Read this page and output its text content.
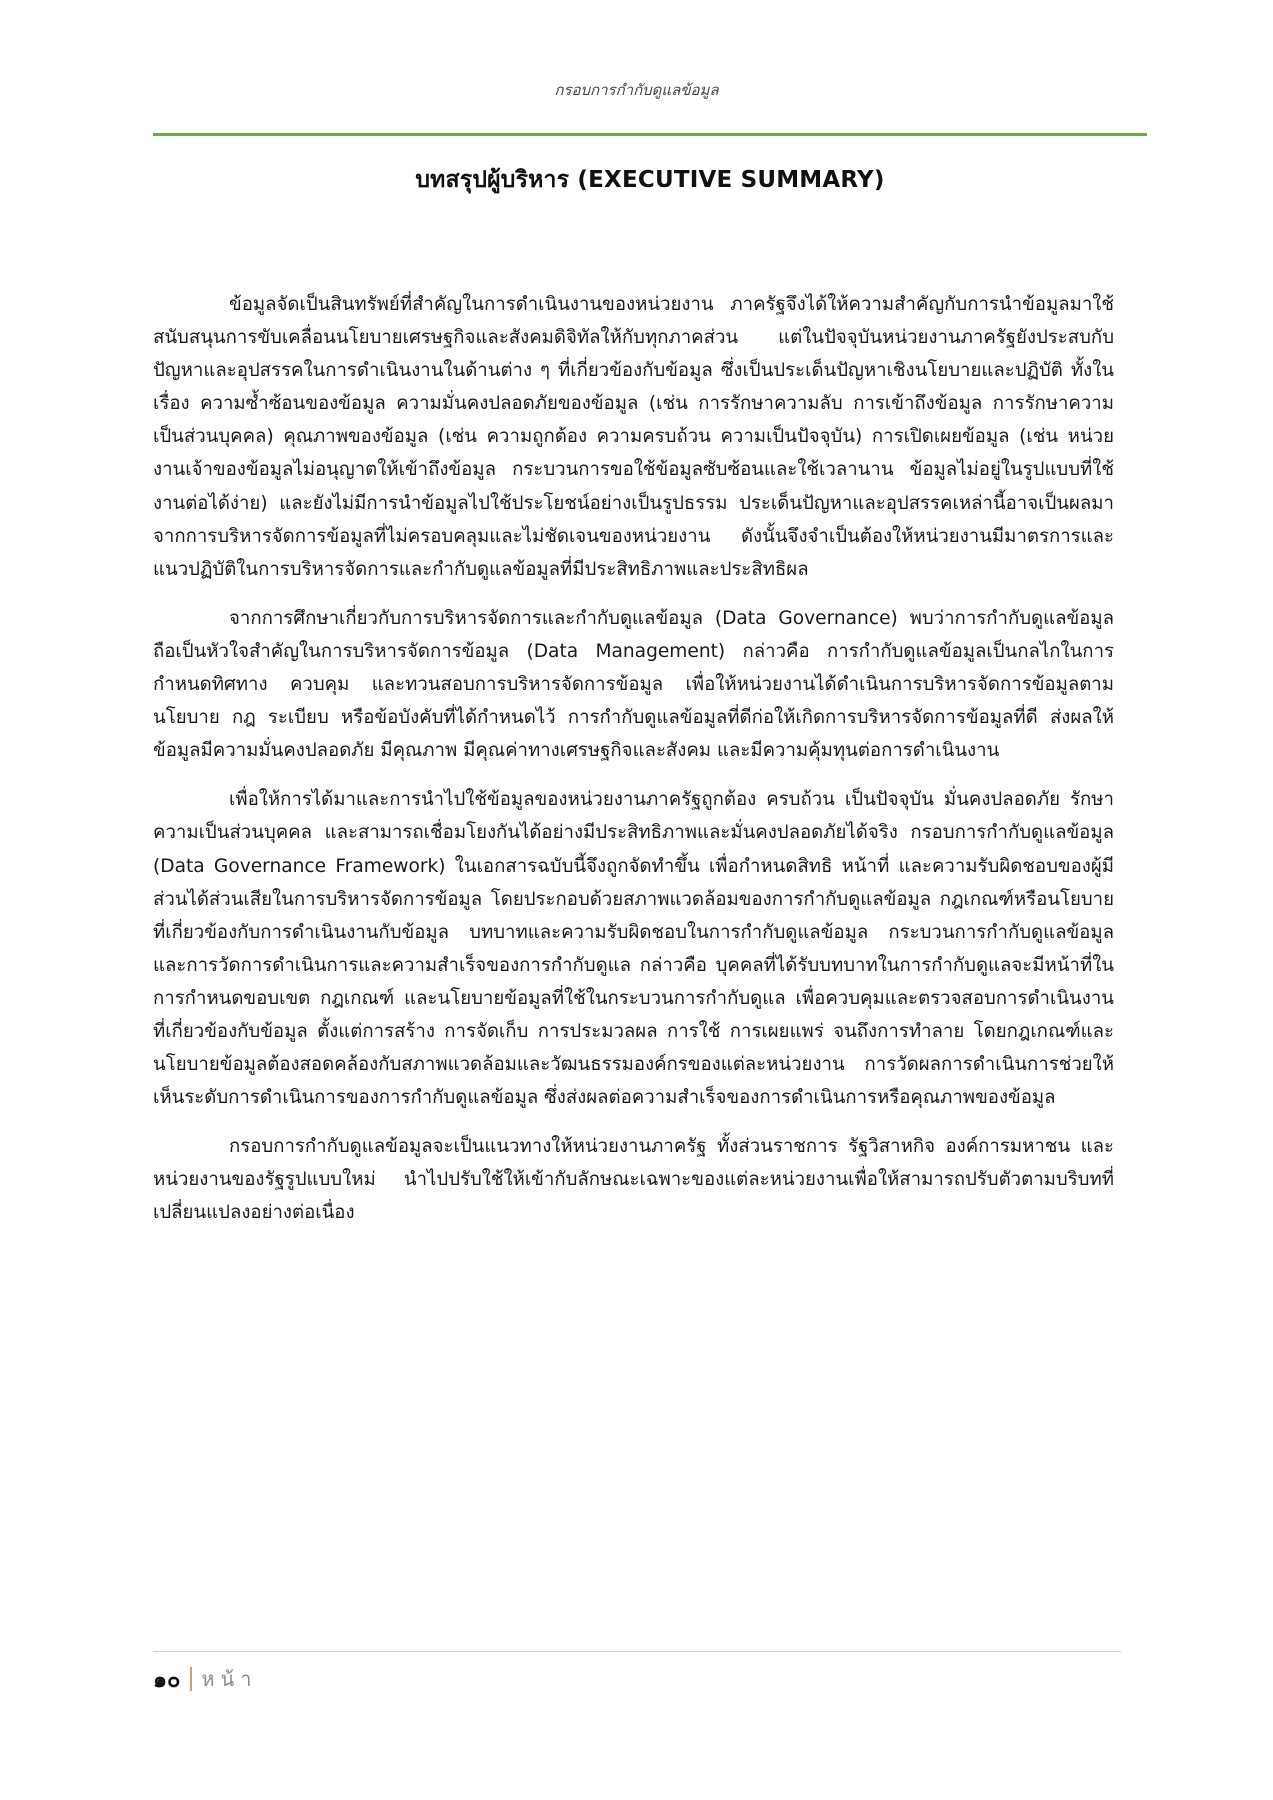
กรอบการกำกับดูแลข้อมูล
บทสรุปผู้บริหาร (EXECUTIVE SUMMARY)

ข้อมูลจัดเป็นสินทรัพย์ที่สำคัญในการดำเนินงานของหน่วยงาน ภาครัฐจึงได้ให้ความสำคัญกับการนำข้อมูลมาใช้สนับสนุนการขับเคลื่อนนโยบายเศรษฐกิจและสังคมดิจิทัลให้กับทุกภาคส่วน แต่ในปัจจุบันหน่วยงานภาครัฐยังประสบกับปัญหาและอุปสรรคในการดำเนินงานในด้านต่าง ๆ ที่เกี่ยวข้องกับข้อมูล ซึ่งเป็นประเด็นปัญหาเชิงนโยบายและปฏิบัติ ทั้งในเรื่อง ความซ้ำซ้อนของข้อมูล ความมั่นคงปลอดภัยของข้อมูล (เช่น การรักษาความลับ การเข้าถึงข้อมูล การรักษาความเป็นส่วนบุคคล) คุณภาพของข้อมูล (เช่น ความถูกต้อง ความครบถ้วน ความเป็นปัจจุบัน) การเปิดเผยข้อมูล (เช่น หน่วยงานเจ้าของข้อมูลไม่อนุญาตให้เข้าถึงข้อมูล กระบวนการขอใช้ข้อมูลซับซ้อนและใช้เวลานาน ข้อมูลไม่อยู่ในรูปแบบที่ใช้งานต่อได้ง่าย) และยังไม่มีการนำข้อมูลไปใช้ประโยชน์อย่างเป็นรูปธรรม ประเด็นปัญหาและอุปสรรคเหล่านี้อาจเป็นผลมาจากการบริหารจัดการข้อมูลที่ไม่ครอบคลุมและไม่ชัดเจนของหน่วยงาน ดังนั้นจึงจำเป็นต้องให้หน่วยงานมีมาตรการและแนวปฏิบัติในการบริหารจัดการและกำกับดูแลข้อมูลที่มีประสิทธิภาพและประสิทธิผล

จากการศึกษาเกี่ยวกับการบริหารจัดการและกำกับดูแลข้อมูล (Data Governance) พบว่าการกำกับดูแลข้อมูลถือเป็นหัวใจสำคัญในการบริหารจัดการข้อมูล (Data Management) กล่าวคือ การกำกับดูแลข้อมูลเป็นกลไกในการกำหนดทิศทาง ควบคุม และทวนสอบการบริหารจัดการข้อมูล เพื่อให้หน่วยงานได้ดำเนินการบริหารจัดการข้อมูลตามนโยบาย กฎ ระเบียบ หรือข้อบังคับที่ได้กำหนดไว้ การกำกับดูแลข้อมูลที่ดีก่อให้เกิดการบริหารจัดการข้อมูลที่ดี ส่งผลให้ข้อมูลมีความมั่นคงปลอดภัย มีคุณภาพ มีคุณค่าทางเศรษฐกิจและสังคม และมีความคุ้มทุนต่อการดำเนินงาน

เพื่อให้การได้มาและการนำไปใช้ข้อมูลของหน่วยงานภาครัฐถูกต้อง ครบถ้วน เป็นปัจจุบัน มั่นคงปลอดภัย รักษาความเป็นส่วนบุคคล และสามารถเชื่อมโยงกันได้อย่างมีประสิทธิภาพและมั่นคงปลอดภัยได้จริง กรอบการกำกับดูแลข้อมูล (Data Governance Framework) ในเอกสารฉบับนี้จึงถูกจัดทำขึ้น เพื่อกำหนดสิทธิ หน้าที่ และความรับผิดชอบของผู้มีส่วนได้ส่วนเสียในการบริหารจัดการข้อมูล โดยประกอบด้วยสภาพแวดล้อมของการกำกับดูแลข้อมูล กฎเกณฑ์หรือนโยบายที่เกี่ยวข้องกับการดำเนินงานกับข้อมูล บทบาทและความรับผิดชอบในการกำกับดูแลข้อมูล กระบวนการกำกับดูแลข้อมูล และการวัดการดำเนินการและความสำเร็จของการกำกับดูแล กล่าวคือ บุคคลที่ได้รับบทบาทในการกำกับดูแลจะมีหน้าที่ในการกำหนดขอบเขต กฎเกณฑ์ และนโยบายข้อมูลที่ใช้ในกระบวนการกำกับดูแล เพื่อควบคุมและตรวจสอบการดำเนินงานที่เกี่ยวข้องกับข้อมูล ตั้งแต่การสร้าง การจัดเก็บ การประมวลผล การใช้ การเผยแพร่ จนถึงการทำลาย โดยกฎเกณฑ์และนโยบายข้อมูลต้องสอดคล้องกับสภาพแวดล้อมและวัฒนธรรมองค์กรของแต่ละหน่วยงาน การวัดผลการดำเนินการช่วยให้เห็นระดับการดำเนินการของการกำกับดูแลข้อมูล ซึ่งส่งผลต่อความสำเร็จของการดำเนินการหรือคุณภาพของข้อมูล

กรอบการกำกับดูแลข้อมูลจะเป็นแนวทางให้หน่วยงานภาครัฐ ทั้งส่วนราชการ รัฐวิสาหกิจ องค์การมหาชน และหน่วยงานของรัฐรูปแบบใหม่ นำไปปรับใช้ให้เข้ากับลักษณะเฉพาะของแต่ละหน่วยงานเพื่อให้สามารถปรับตัวตามบริบทที่เปลี่ยนแปลงอย่างต่อเนื่อง

๑๐ หน้า
